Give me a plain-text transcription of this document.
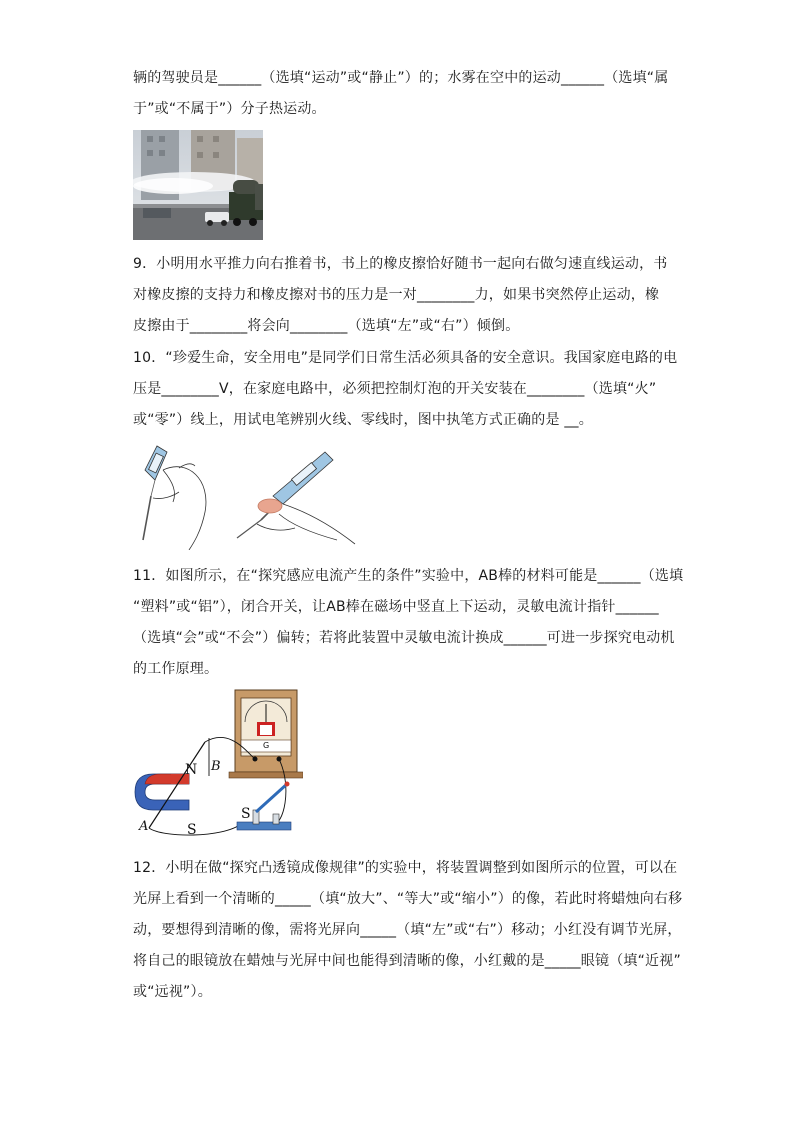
辆的驾驶员是______（选填“运动”或“静止”）的；水雾在空中的运动______（选填“属
于”或“不属于”）分子热运动。
9．小明用水平推力向右推着书，书上的橡皮擦恰好随书一起向右做匀速直线运动，书
对橡皮擦的支持力和橡皮擦对书的压力是一对________力，如果书突然停止运动，橡
皮擦由于________将会向________（选填“左”或“右”）倾倒。
10．“珍爱生命，安全用电”是同学们日常生活必须具备的安全意识。我国家庭电路的电
压是________V，在家庭电路中，必须把控制灯泡的开关安装在________（选填“火”
或“零”）线上，用试电笔辨别火线、零线时，图中执笔方式正确的是 __。
11．如图所示，在“探究感应电流产生的条件”实验中，AB棒的材料可能是______（选填
“塑料”或“铝”），闭合开关，让AB棒在磁场中竖直上下运动，灵敏电流计指针______
（选填“会”或“不会”）偏转；若将此装置中灵敏电流计换成______可进一步探究电动机
的工作原理。
N B
S
A
S
G
12．小明在做“探究凸透镜成像规律”的实验中，将装置调整到如图所示的位置，可以在
光屏上看到一个清晰的_____（填“放大”、“等大”或“缩小”）的像，若此时将蜡烛向右移
动，要想得到清晰的像，需将光屏向_____（填“左”或“右”）移动；小红没有调节光屏，
将自己的眼镜放在蜡烛与光屏中间也能得到清晰的像，小红戴的是_____眼镜（填“近视”
或“远视”）。
